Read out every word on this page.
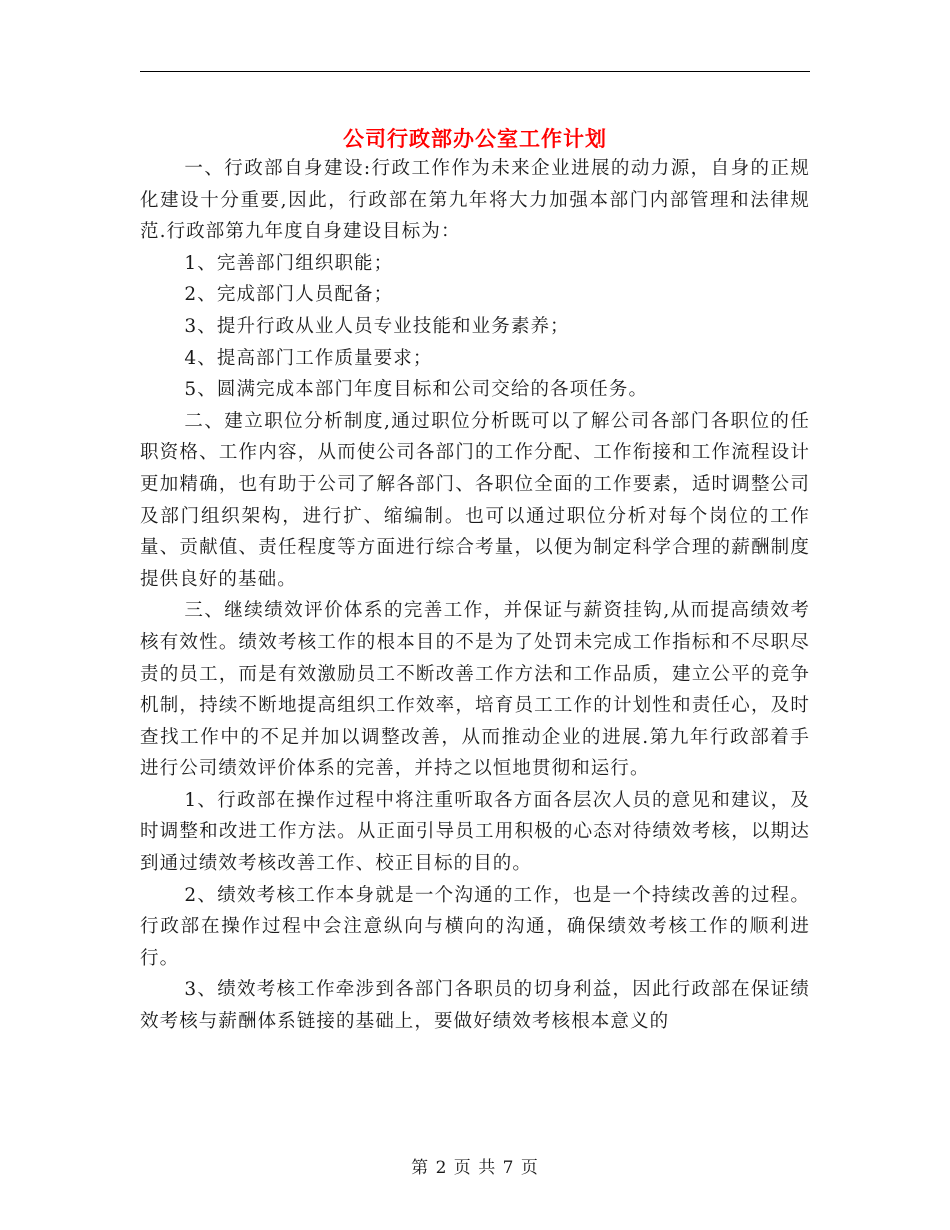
公司行政部办公室工作计划

一、行政部自身建设:行政工作作为未来企业进展的动力源，自身的正规化建设十分重要,因此，行政部在第九年将大力加强本部门内部管理和法律规范.行政部第九年度自身建设目标为：

1、完善部门组织职能；

2、完成部门人员配备；

3、提升行政从业人员专业技能和业务素养；

4、提高部门工作质量要求；

5、圆满完成本部门年度目标和公司交给的各项任务。

二、建立职位分析制度,通过职位分析既可以了解公司各部门各职位的任职资格、工作内容，从而使公司各部门的工作分配、工作衔接和工作流程设计更加精确，也有助于公司了解各部门、各职位全面的工作要素，适时调整公司及部门组织架构，进行扩、缩编制。也可以通过职位分析对每个岗位的工作量、贡献值、责任程度等方面进行综合考量，以便为制定科学合理的薪酬制度提供良好的基础。

三、继续绩效评价体系的完善工作，并保证与薪资挂钩,从而提高绩效考核有效性。绩效考核工作的根本目的不是为了处罚未完成工作指标和不尽职尽责的员工，而是有效激励员工不断改善工作方法和工作品质，建立公平的竞争机制，持续不断地提高组织工作效率，培育员工工作的计划性和责任心，及时查找工作中的不足并加以调整改善，从而推动企业的进展.第九年行政部着手进行公司绩效评价体系的完善，并持之以恒地贯彻和运行。

1、行政部在操作过程中将注重听取各方面各层次人员的意见和建议，及时调整和改进工作方法。从正面引导员工用积极的心态对待绩效考核，以期达到通过绩效考核改善工作、校正目标的目的。

2、绩效考核工作本身就是一个沟通的工作，也是一个持续改善的过程。行政部在操作过程中会注意纵向与横向的沟通，确保绩效考核工作的顺利进行。

3、绩效考核工作牵涉到各部门各职员的切身利益，因此行政部在保证绩效考核与薪酬体系链接的基础上，要做好绩效考核根本意义的

第 2 页 共 7 页
